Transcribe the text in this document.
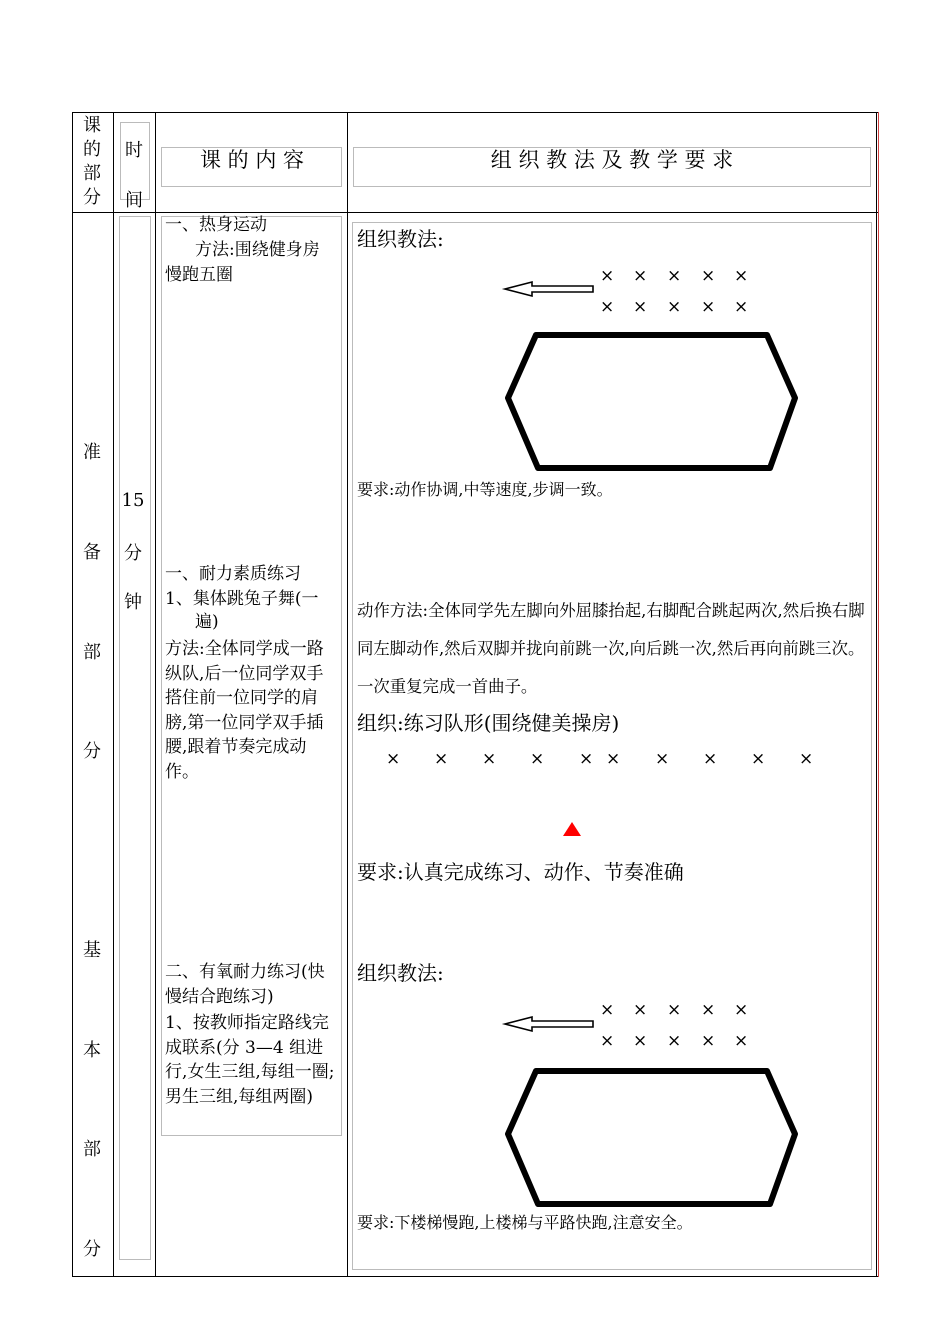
课的部分
时间
课 的 内 容	组 织 教 法 及 教 学 要 求
准
备
部
分
基
本
部
分
15
分
钟
一、热身运动
方法:围绕健身房
慢跑五圈
一、耐力素质练习
1、集体跳兔子舞(一
遍)
方法:全体同学成一路纵队,后一位同学双手搭住前一位同学的肩膀,第一位同学双手插腰,跟着节奏完成动作。
二、有氧耐力练习(快慢结合跑练习)
1、按教师指定路线完成联系(分 3—4 组进行,女生三组,每组一圈;男生三组,每组两圈)
组织教法:
× × × × ×
× × × × ×
要求:动作协调,中等速度,步调一致。
动作方法:全体同学先左脚向外屈膝抬起,右脚配合跳起两次,然后换右脚同左脚动作,然后双脚并拢向前跳一次,向后跳一次,然后再向前跳三次。一次重复完成一首曲子。
组织:练习队形(围绕健美操房)
× × × × × × × × × ×
要求:认真完成练习、动作、节奏准确
组织教法:
× × × × ×
× × × × ×
要求:下楼梯慢跑,上楼梯与平路快跑,注意安全。
